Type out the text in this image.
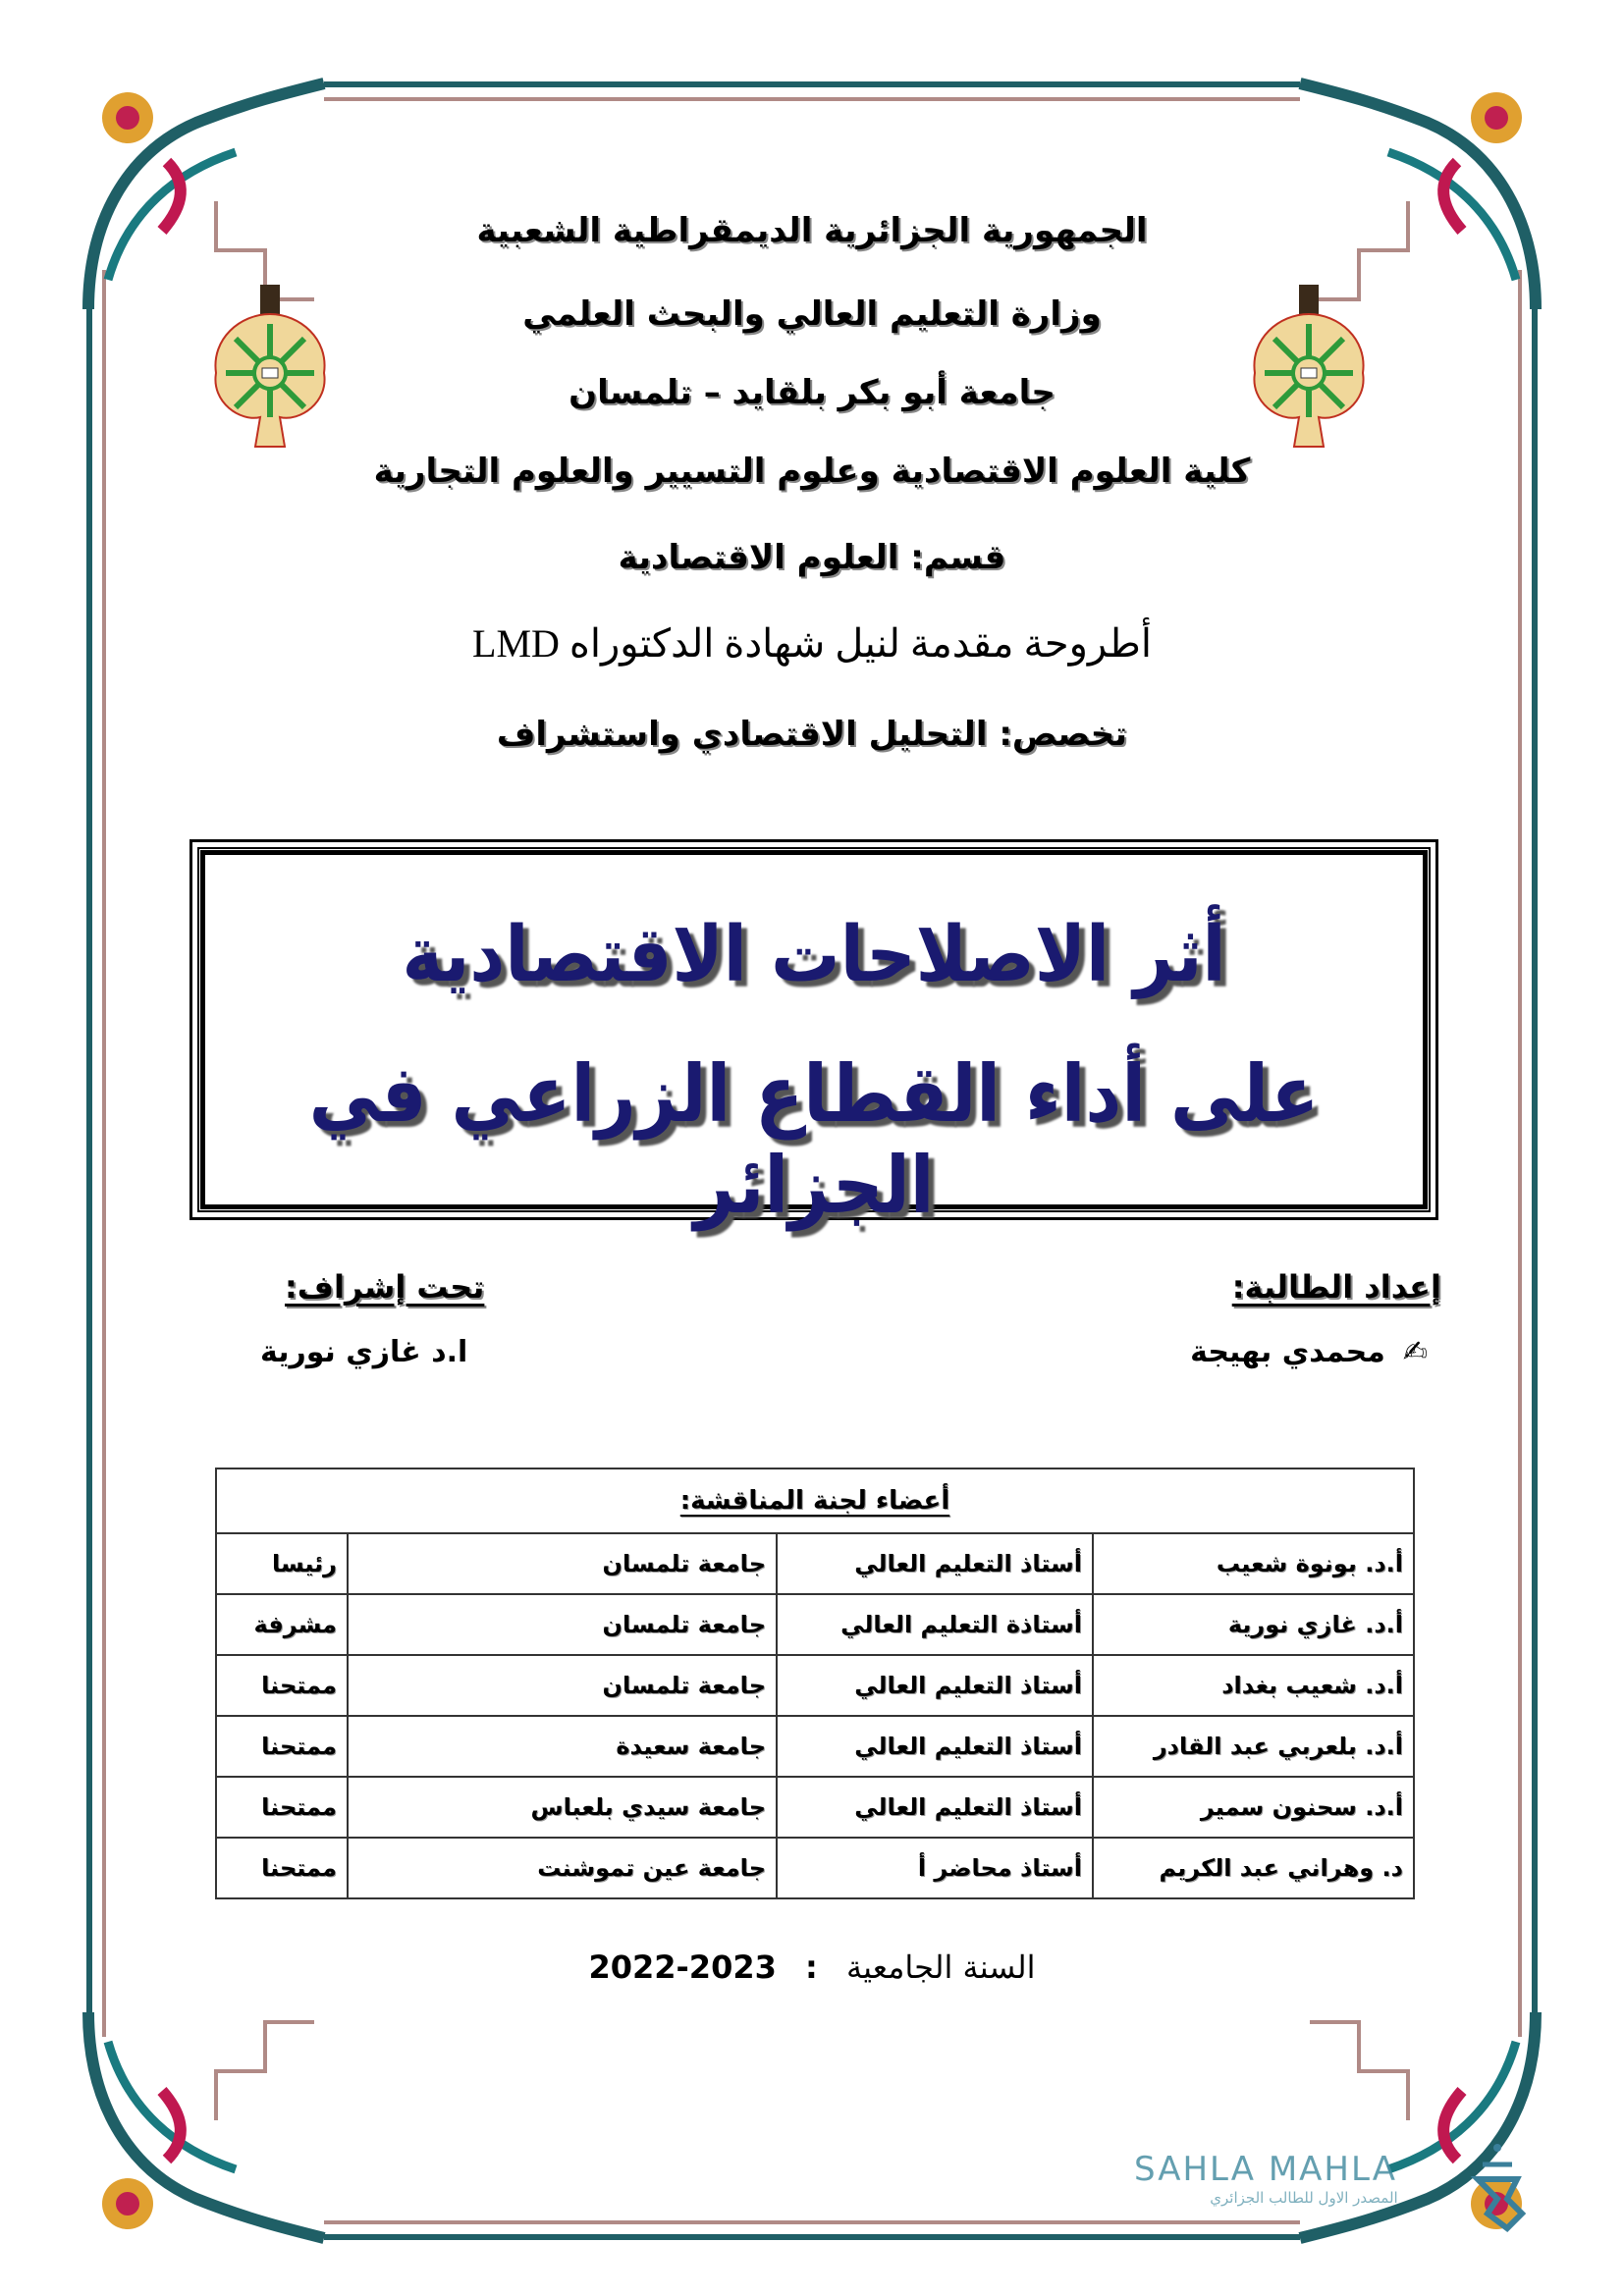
الجمهورية الجزائرية الديمقراطية الشعبية
وزارة التعليم العالي والبحث العلمي
جامعة أبو بكر بلقايد – تلمسان
كلية العلوم الاقتصادية وعلوم التسيير والعلوم التجارية
قسم: العلوم الاقتصادية
أطروحة مقدمة لنيل شهادة الدكتوراه LMD
تخصص: التحليل الاقتصادي واستشراف
أثر الاصلاحات الاقتصادية
على أداء القطاع الزراعي في الجزائر
إعداد الطالبة:
✍
محمدي بهيجة
تحت إشراف:
ا.د غازي نورية
أعضاء لجنة المناقشة:			
أ.د. بونوة شعيب	أستاذ التعليم العالي	جامعة تلمسان	رئيسا
أ.د. غازي نورية	أستاذة التعليم العالي	جامعة تلمسان	مشرفة
أ.د. شعيب بغداد	أستاذ التعليم العالي	جامعة تلمسان	ممتحنا
أ.د. بلعربي عبد القادر	أستاذ التعليم العالي	جامعة سعيدة	ممتحنا
أ.د. سحنون سمير	أستاذ التعليم العالي	جامعة سيدي بلعباس	ممتحنا
د. وهراني عبد الكريم	أستاذ محاضر أ	جامعة عين تموشنت	ممتحنا
السنة الجامعية : 2022-2023
SAHLA MAHLA
المصدر الاول للطالب الجزائري
